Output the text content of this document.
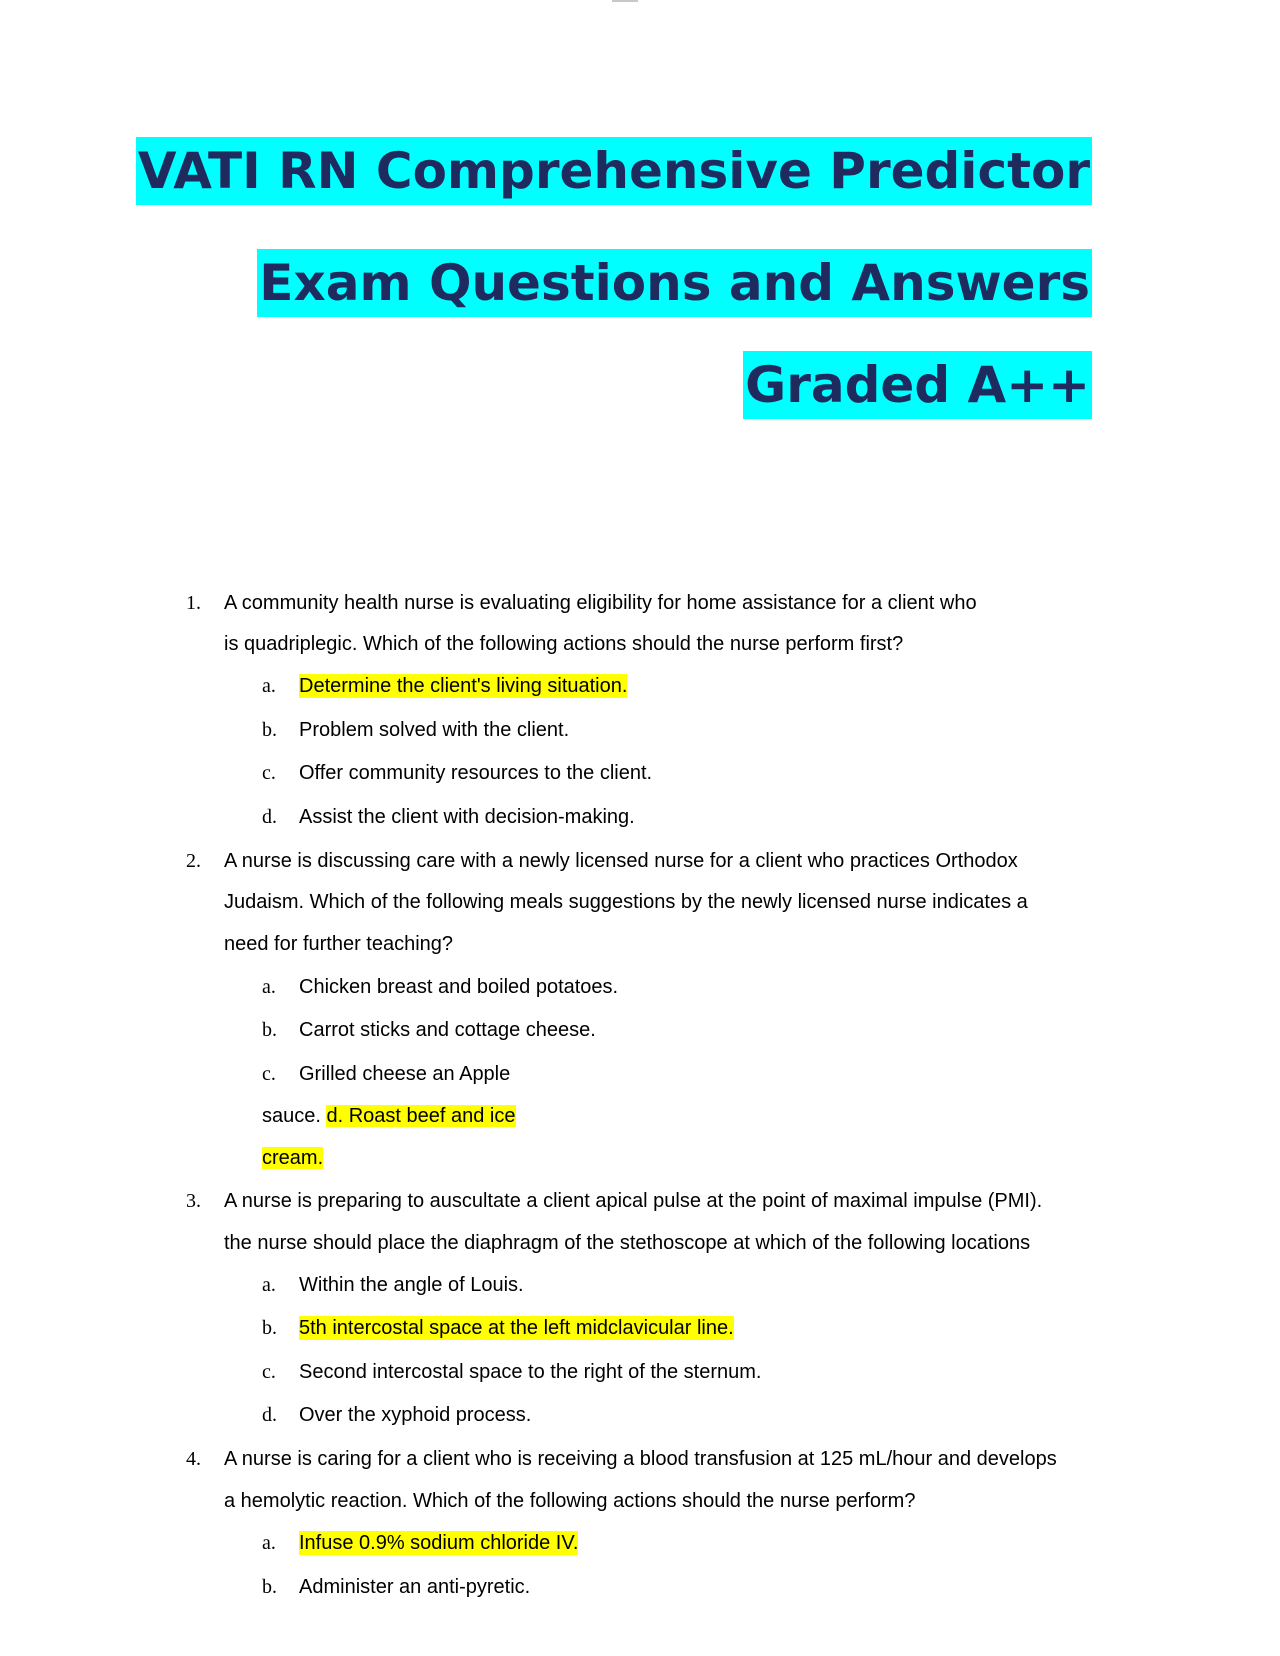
VATI RN Comprehensive Predictor
Exam Questions and Answers
Graded A++
1. A community health nurse is evaluating eligibility for home assistance for a client who
is quadriplegic. Which of the following actions should the nurse perform first?
a. Determine the client's living situation.
b. Problem solved with the client.
c. Offer community resources to the client.
d. Assist the client with decision-making.
2. A nurse is discussing care with a newly licensed nurse for a client who practices Orthodox
Judaism. Which of the following meals suggestions by the newly licensed nurse indicates a
need for further teaching?
a. Chicken breast and boiled potatoes.
b. Carrot sticks and cottage cheese.
c. Grilled cheese an Apple
sauce. d. Roast beef and ice
cream.
3. A nurse is preparing to auscultate a client apical pulse at the point of maximal impulse (PMI).
the nurse should place the diaphragm of the stethoscope at which of the following locations
a. Within the angle of Louis.
b. 5th intercostal space at the left midclavicular line.
c. Second intercostal space to the right of the sternum.
d. Over the xyphoid process.
4. A nurse is caring for a client who is receiving a blood transfusion at 125 mL/hour and develops
a hemolytic reaction. Which of the following actions should the nurse perform?
a. Infuse 0.9% sodium chloride IV.
b. Administer an anti-pyretic.
